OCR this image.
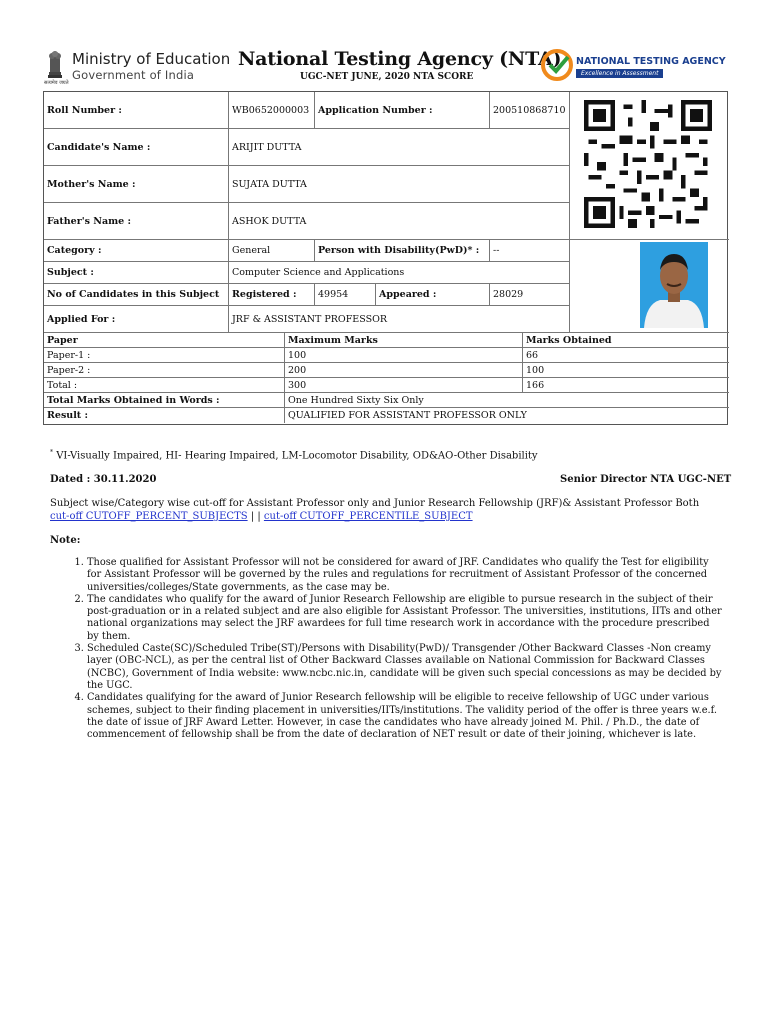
सत्यमेव जयते
Ministry of Education
Government of India
National Testing Agency (NTA)
UGC-NET JUNE, 2020 NTA SCORE
NATIONAL TESTING AGENCY
Excellence in Assessment
Roll Number :	WB0652000003 Application Number :	200510868710
Candidate's Name :	ARIJIT DUTTA
Mother's Name :	SUJATA DUTTA
Father's Name :	ASHOK DUTTA
Category :	General	Person with Disability(PwD)* :	--
Subject :	Computer Science and Applications
No of Candidates in this Subject	Registered :	49954	Appeared :	28029
Applied For :	JRF & ASSISTANT PROFESSOR
Paper	Maximum Marks	Marks Obtained
Paper-1 :	100	66
Paper-2 :	200	100
Total :	300	166
Total Marks Obtained in Words :	One Hundred Sixty Six Only
Result :	QUALIFIED FOR ASSISTANT PROFESSOR ONLY
* VI-Visually Impaired, HI- Hearing Impaired, LM-Locomotor Disability, OD&AO-Other Disability
Dated : 30.11.2020	Senior Director NTA UGC-NET
Subject wise/Category wise cut-off for Assistant Professor only and Junior Research Fellowship (JRF)& Assistant Professor Both cut-off CUTOFF_PERCENT_SUBJECTS | | cut-off CUTOFF_PERCENTILE_SUBJECT
Note:
1. Those qualified for Assistant Professor will not be considered for award of JRF. Candidates who qualify the Test for eligibility for Assistant Professor will be governed by the rules and regulations for recruitment of Assistant Professor of the concerned universities/colleges/State governments, as the case may be.
2. The candidates who qualify for the award of Junior Research Fellowship are eligible to pursue research in the subject of their post-graduation or in a related subject and are also eligible for Assistant Professor. The universities, institutions, IITs and other national organizations may select the JRF awardees for full time research work in accordance with the procedure prescribed by them.
3. Scheduled Caste(SC)/Scheduled Tribe(ST)/Persons with Disability(PwD)/ Transgender /Other Backward Classes -Non creamy layer (OBC-NCL), as per the central list of Other Backward Classes available on National Commission for Backward Classes (NCBC), Government of India website: www.ncbc.nic.in, candidate will be given such special concessions as may be decided by the UGC.
4. Candidates qualifying for the award of Junior Research fellowship will be eligible to receive fellowship of UGC under various schemes, subject to their finding placement in universities/IITs/institutions. The validity period of the offer is three years w.e.f. the date of issue of JRF Award Letter. However, in case the candidates who have already joined M. Phil. / Ph.D., the date of commencement of fellowship shall be from the date of declaration of NET result or date of their joining, whichever is late.
